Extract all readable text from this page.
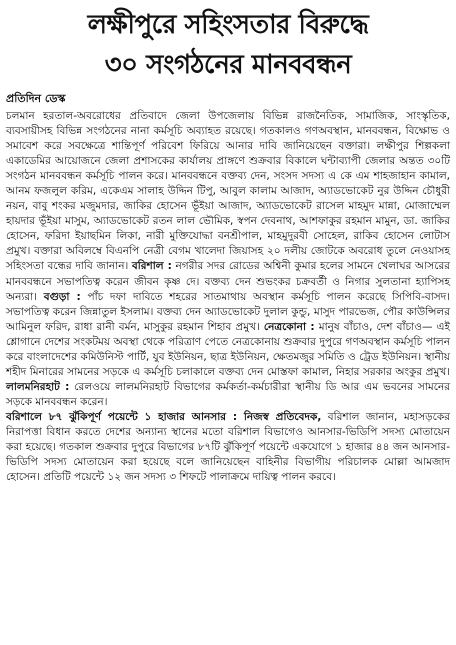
লক্ষীপুরে সহিংসতার বিরুদ্ধে
৩০ সংগঠনের মানববন্ধন
প্রতিদিন ডেস্ক

চলমান হরতাল-অবরোধের প্রতিবাদে জেলা উপজেলায় বিভিন্ন রাজনৈতিক, সামাজিক, সাংস্কৃতিক, ব্যবসায়ীসহ বিভিন্ন সংগঠনের নানা কর্মসূচি অব্যাহত রয়েছে। গতকালও গণঅবস্থান, মানববন্ধন, বিক্ষোভ ও সমাবেশ করে সবক্ষেত্রে শান্তিপূর্ণ পরিবেশ ফিরিয়ে আনার দাবি জানিয়েছেন বক্তারা। লক্ষীপুর শিল্পকলা একাডেমির আয়োজনে জেলা প্রশাসকের কার্যালয় প্রাঙ্গণে শুক্রবার বিকালে ঘন্টাব্যাপী জেলার অন্তত ৩০টি সংগঠন মানববন্ধন কর্মসূচি পালন করে। মানববন্ধনে বক্তব্য দেন, সংসদ সদস্য এ কে এম শাহজাহান কামাল, আনম ফজলুল করিম, একেএম সালাহ উদ্দিন টিপু, আবুল কালাম আজাদ, অ্যাডভোকেট নুর উদ্দিন চৌধুরী নয়ন, বাবু শংকর মজুমদার, জাকির হোসেন ভূঁইয়া আজাদ, অ্যাডভোকেট রাসেল মাহমুদ মান্না, মোজাম্মেল হায়দার ভূঁইয়া মাসুম, অ্যাডভোকেট রতন লাল ভৌমিক, স্বপন দেবনাথ, আশফাকুর রহমান মামুন, ডা. জাকির হোসেন, ফরিদা ইয়াছমিন লিকা, নারী মুক্তিযোদ্ধা বনশ্রীপাল, মাহমুদুরবী সোহেল, রাকিব হোসেন লোটাস প্রমুখ। বক্তারা অবিলম্বে বিএনপি নেত্রী বেগম খালেদা জিয়াসহ ২০ দলীয় জোটকে অবরোধ তুলে নেওয়াসহ সহিংসতা বন্ধের দাবি জানান। বরিশাল : নগরীর সদর রোডের অশ্বিনী কুমার হলের সামনে খেলাঘর আসরের মানববন্ধনে সভাপতিত্ব করেন জীবন কৃষ্ণ দে। বক্তব্য দেন শুভংকর চক্রবর্তী ও নিগার সুলতানা হ্যাপিসহ অন্যরা। বগুড়া : পাঁচ দফা দাবিতে শহরের সাতমাথায় অবস্থান কর্মসূচি পালন করেছে সিপিবি-বাসদ। সভাপতিত্ব করেন জিন্নাতুল ইসলাম। বক্তব্য দেন অ্যাডভোকেট দুলাল কুন্ডু, মাসুদ পারভেজ, পৌর কাউন্সিলর আমিনুল ফরিদ, রাধা রানী বর্মন, মাসুকুর রহমান শিহাব প্রমুখ। নেত্রকোনা : মানুষ বাঁচাও, দেশ বাঁচাও— এই শ্লোগানে দেশের সংকটময় অবস্থা থেকে পরিত্রাণ পেতে নেত্রকোনায় শুক্রবার দুপুরে গণঅবস্থান কর্মসূচি পালন করে বাংলাদেশের কমিউনিস্ট পার্টি, যুব ইউনিয়ন, ছাত্র ইউনিয়ন, ক্ষেতমজুর সমিতি ও ট্রেড ইউনিয়ন। স্থানীয় শহীদ মিনারের সামনের সড়কে এ কর্মসূচি চলাকালে বক্তব্য দেন মোস্তফা কামাল, নিহার সরকার অংকুর প্রমুখ। লালমনিরহাট : রেলওয়ে লালমনিরহাট বিভাগের কর্মকর্তা-কর্মচারীরা স্থানীয় ডি আর এম ভবনের সামনের সড়কে মানববন্ধন করেন।

বরিশালে ৮৭ ঝুঁকিপূর্ণ পয়েন্টে ১ হাজার আনসার : নিজস্ব প্রতিবেদক, বরিশাল জানান, মহাসড়কের নিরাপত্তা বিধান করতে দেশের অন্যান্য স্থানের মতো বরিশাল বিভাগেও আনসার-ভিডিপি সদস্য মোতায়েন করা হয়েছে। গতকাল শুক্রবার দুপুরে বিভাগের ৮৭টি ঝুঁকিপূর্ণ পয়েন্টে একযোগে ১ হাজার ৪৪ জন আনসার-ভিডিপি সদস্য মোতায়েন করা হয়েছে বলে জানিয়েছেন বাহিনীর বিভাগীয় পরিচালক মোল্লা আমজাদ হোসেন। প্রতিটি পয়েন্টে ১২ জন সদস্য ৩ শিফটে পালাক্রমে দায়িত্ব পালন করবে।
